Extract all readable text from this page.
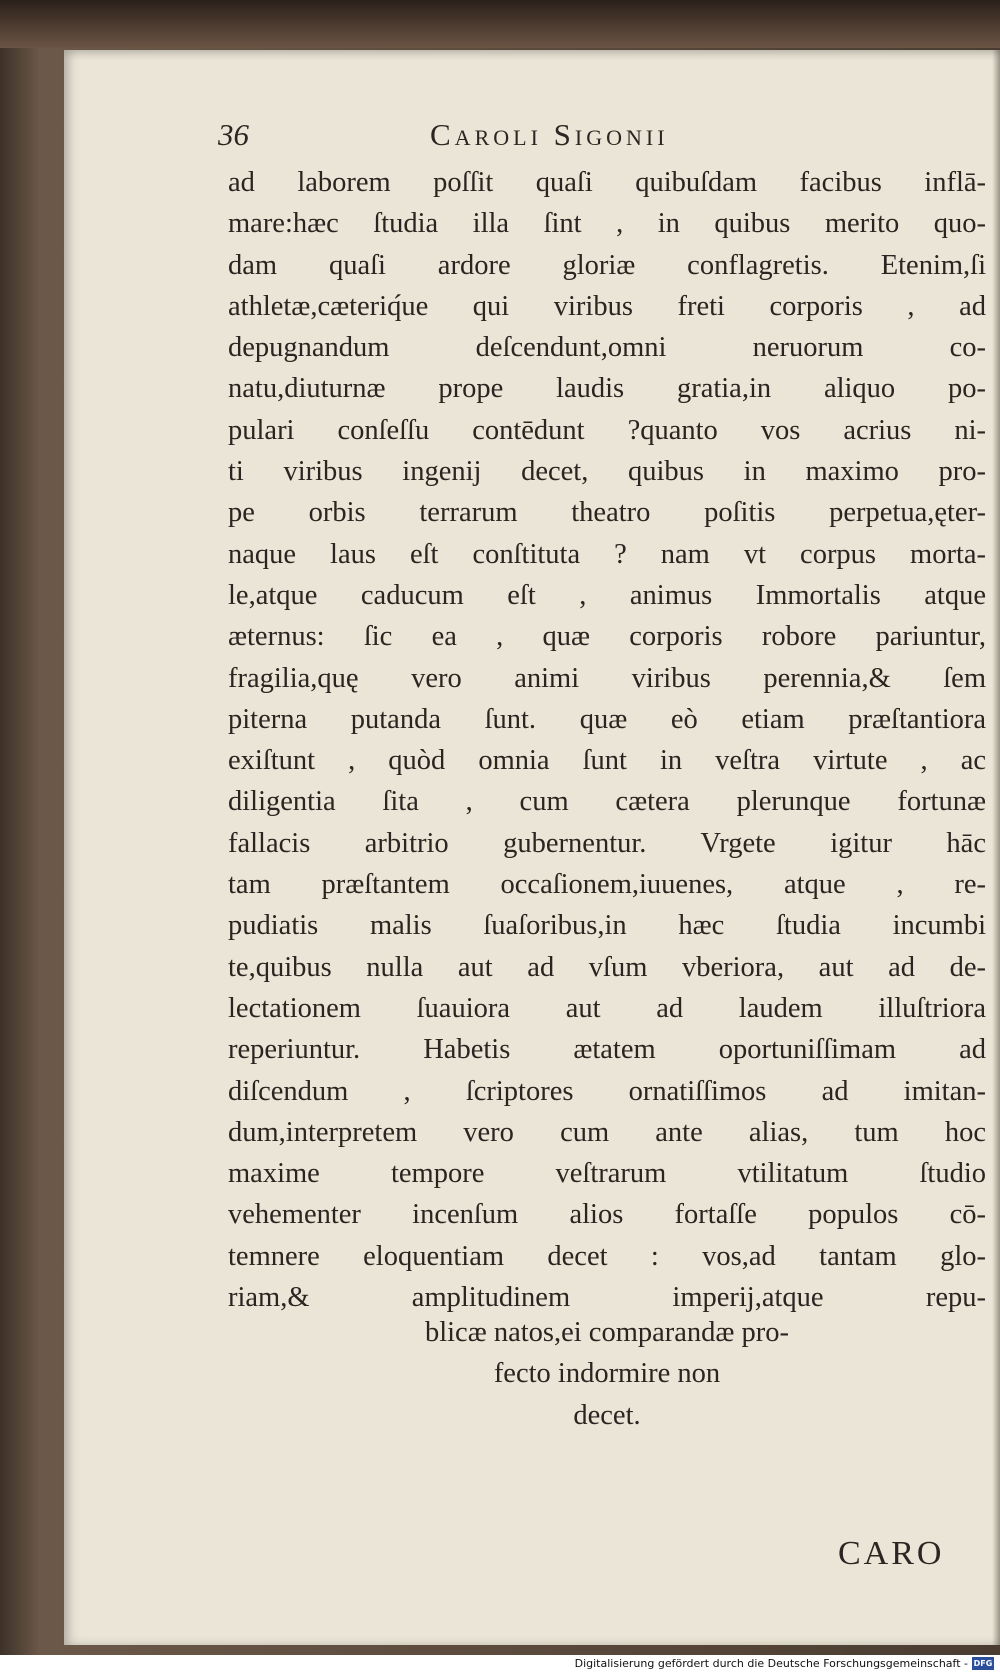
36	Caroli Sigonii
ad laborem poſſit quaſi quibuſdam facibus inflā-
mare:hæc ſtudia illa ſint , in quibus merito quo-
dam quaſi ardore gloriæ conflagretis. Etenim,ſi
athletæ,cæteriq́ue qui viribus freti corporis , ad
depugnandum deſcendunt,omni neruorum co-
natu,diuturnæ prope laudis gratia,in aliquo po-
pulari conſeſſu contēdunt ?quanto vos acrius ni-
ti viribus ingenij decet, quibus in maximo pro-
pe orbis terrarum theatro poſitis perpetua,ęter-
naque laus eſt conſtituta ? nam vt corpus morta-
le,atque caducum eſt , animus Immortalis atque
æternus: ſic ea , quæ corporis robore pariuntur,
fragilia,quę vero animi viribus perennia,& ſem
piterna putanda ſunt. quæ eò etiam præſtantiora
exiſtunt , quòd omnia ſunt in veſtra virtute , ac
diligentia ſita , cum cætera plerunque fortunæ
fallacis arbitrio gubernentur. Vrgete igitur hāc
tam præſtantem occaſionem,iuuenes, atque , re-
pudiatis malis ſuaſoribus,in hæc ſtudia incumbi
te,quibus nulla aut ad vſum vberiora, aut ad de-
lectationem ſuauiora aut ad laudem illuſtriora
reperiuntur. Habetis ætatem oportuniſſimam ad
diſcendum , ſcriptores ornatiſſimos ad imitan-
dum,interpretem vero cum ante alias, tum hoc
maxime tempore veſtrarum vtilitatum ſtudio
vehementer incenſum alios fortaſſe populos cō-
temnere eloquentiam decet : vos,ad tantam glo-
riam,& amplitudinem imperij,atque repu-
blicæ natos,ei comparandæ pro-
fecto indormire non
decet.
CARO
Digitalisierung gefördert durch die Deutsche Forschungsgemeinschaft - DFG
